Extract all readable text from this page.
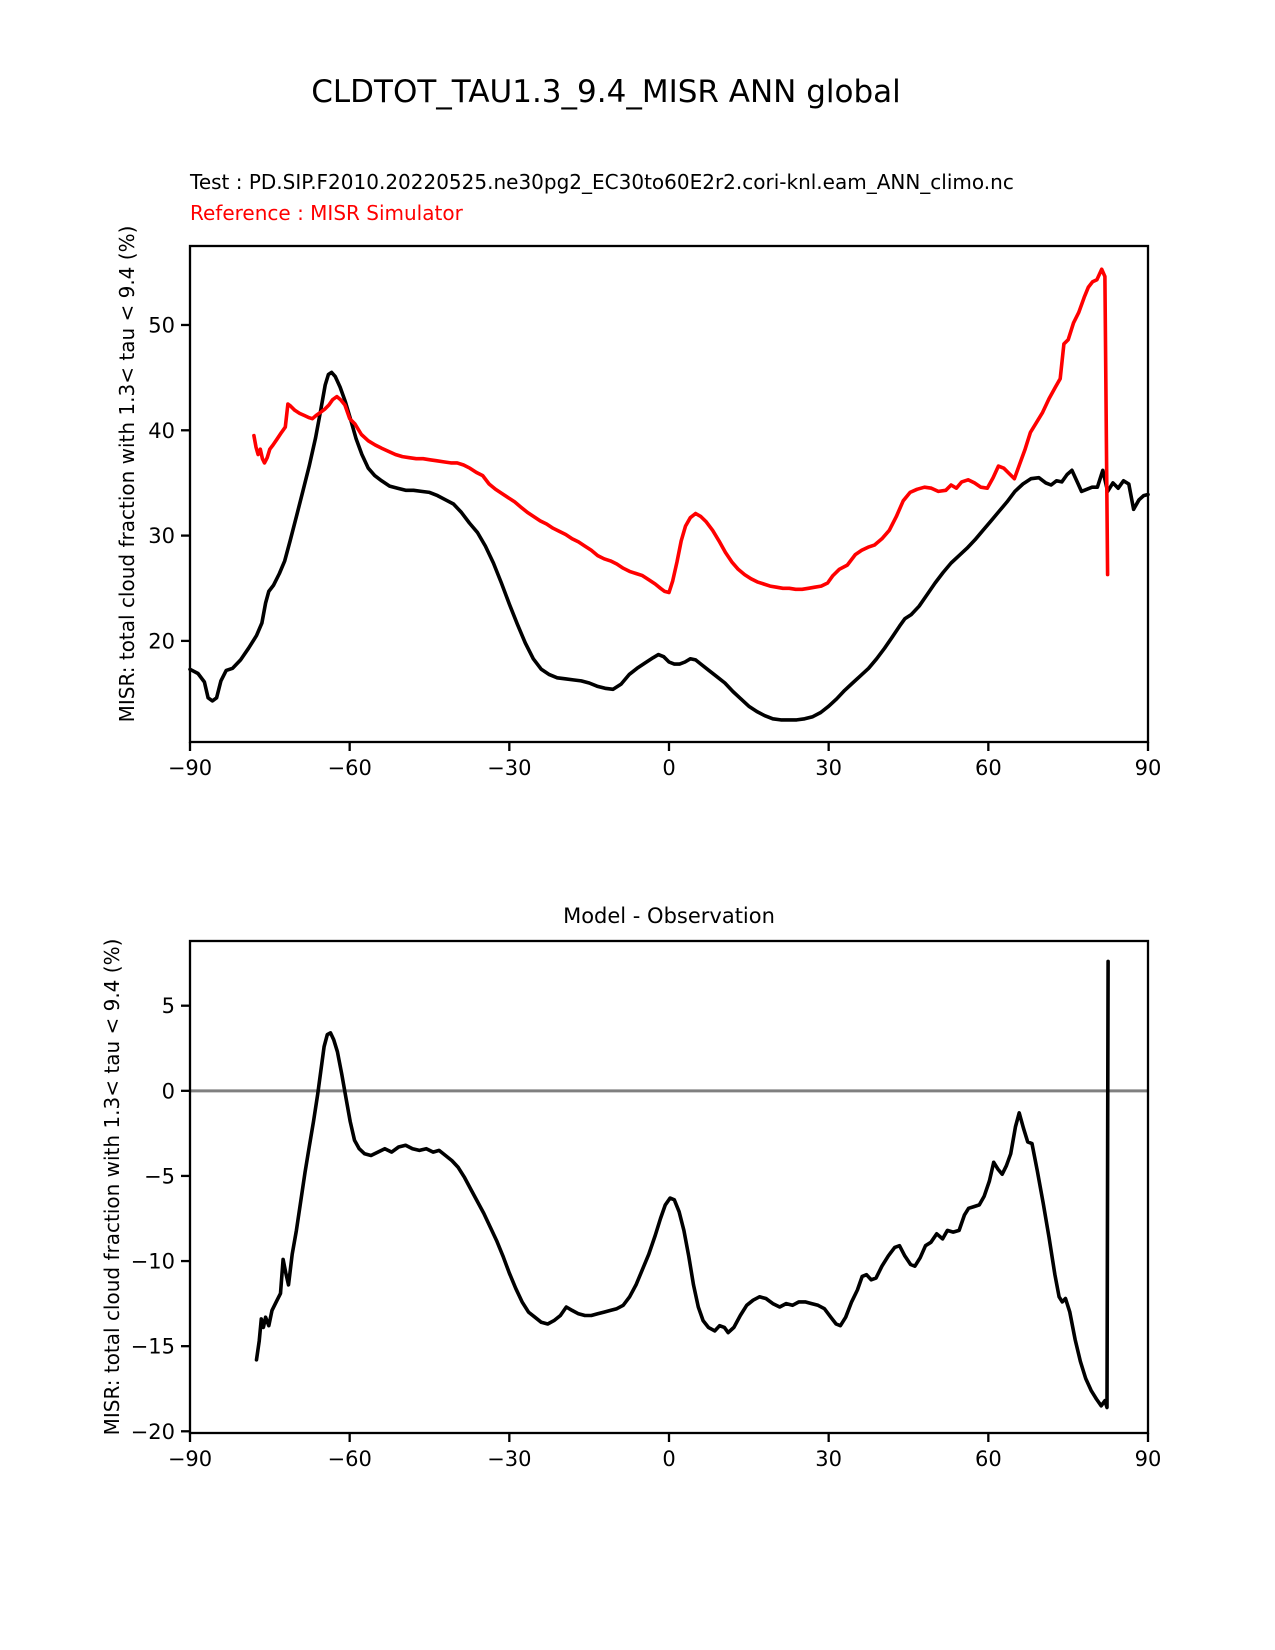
CLDTOT_TAU1.3_9.4_MISR ANN global
Test : PD.SIP.F2010.20220525.ne30pg2_EC30to60E2r2.cori-knl.eam_ANN_climo.nc
Reference : MISR Simulator
Model - Observation
MISR: total cloud fraction with 1.3< tau < 9.4 (%)
MISR: total cloud fraction with 1.3< tau < 9.4 (%)
−90	−60	−30	0	30	60	90
20
30
40
50
−90	−60	−30	0	30	60	90
5
0
−5
−10
−15
−20
